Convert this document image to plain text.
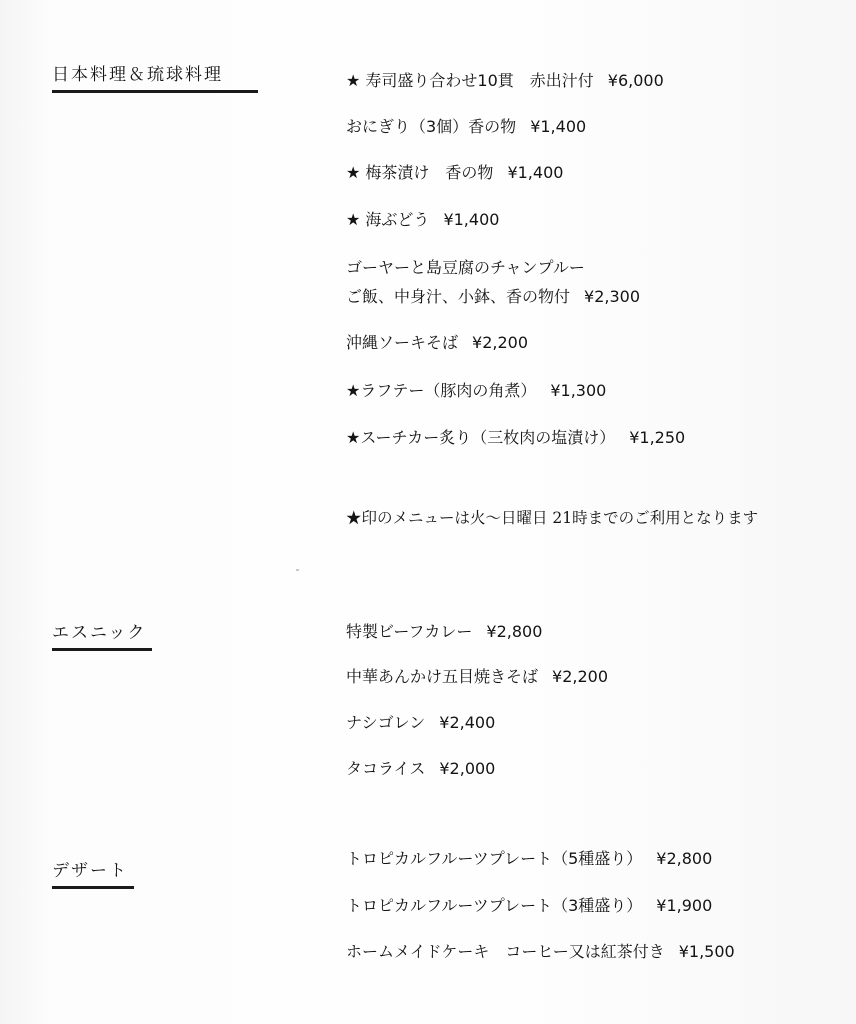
日本料理＆琉球料理	★ 寿司盛り合わせ10貫　赤出汁付 ¥6,000
おにぎり（3個）香の物 ¥1,400
★ 梅茶漬け　香の物 ¥1,400
★ 海ぶどう ¥1,400
ゴーヤーと島豆腐のチャンプルー
ご飯、中身汁、小鉢、香の物付 ¥2,300
沖縄ソーキそば ¥2,200
★ラフテー（豚肉の角煮） ¥1,300
★スーチカー炙り（三枚肉の塩漬け） ¥1,250
★印のメニューは火〜日曜日 21時までのご利用となります
エスニック	特製ビーフカレー ¥2,800
中華あんかけ五目焼きそば ¥2,200
ナシゴレン ¥2,400
タコライス ¥2,000
デザート
トロピカルフルーツプレート（5種盛り） ¥2,800
トロピカルフルーツプレート（3種盛り） ¥1,900
ホームメイドケーキ　コーヒー又は紅茶付き ¥1,500
